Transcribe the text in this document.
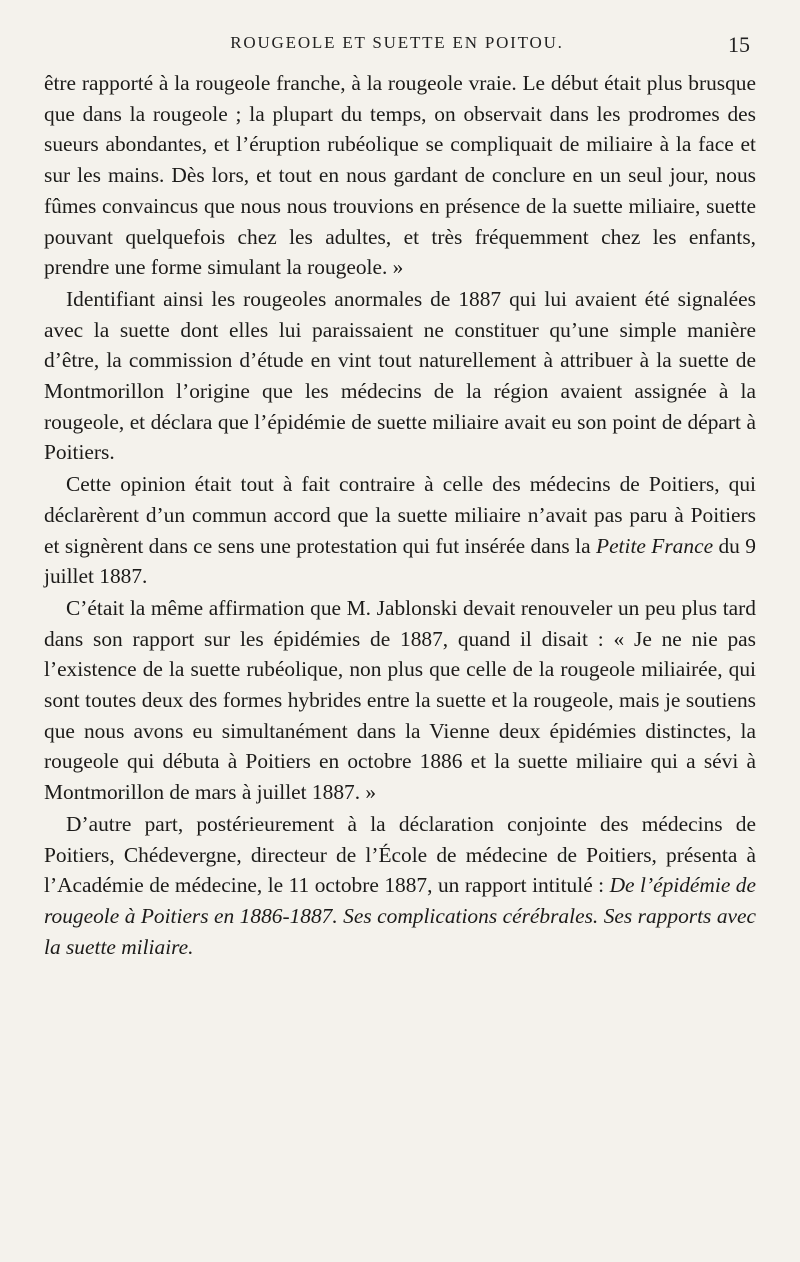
ROUGEOLE ET SUETTE EN POITOU.	15

être rapporté à la rougeole franche, à la rougeole vraie. Le début était plus brusque que dans la rougeole ; la plupart du temps, on observait dans les prodromes des sueurs abondantes, et l’éruption rubéolique se compliquait de miliaire à la face et sur les mains. Dès lors, et tout en nous gardant de conclure en un seul jour, nous fûmes convaincus que nous nous trouvions en présence de la suette miliaire, suette pouvant quelquefois chez les adultes, et très fréquemment chez les enfants, prendre une forme simulant la rougeole. »

Identifiant ainsi les rougeoles anormales de 1887 qui lui avaient été signalées avec la suette dont elles lui paraissaient ne constituer qu’une simple manière d’être, la commission d’étude en vint tout naturellement à attribuer à la suette de Montmorillon l’origine que les médecins de la région avaient assignée à la rougeole, et déclara que l’épidémie de suette miliaire avait eu son point de départ à Poitiers.

Cette opinion était tout à fait contraire à celle des médecins de Poitiers, qui déclarèrent d’un commun accord que la suette miliaire n’avait pas paru à Poitiers et signèrent dans ce sens une protestation qui fut insérée dans la Petite France du 9 juillet 1887.

C’était la même affirmation que M. Jablonski devait renouveler un peu plus tard dans son rapport sur les épidémies de 1887, quand il disait : « Je ne nie pas l’existence de la suette rubéolique, non plus que celle de la rougeole miliairée, qui sont toutes deux des formes hybrides entre la suette et la rougeole, mais je soutiens que nous avons eu simultanément dans la Vienne deux épidémies distinctes, la rougeole qui débuta à Poitiers en octobre 1886 et la suette miliaire qui a sévi à Montmorillon de mars à juillet 1887. »

D’autre part, postérieurement à la déclaration conjointe des médecins de Poitiers, Chédevergne, directeur de l’École de médecine de Poitiers, présenta à l’Académie de médecine, le 11 octobre 1887, un rapport intitulé : De l’épidémie de rougeole à Poitiers en 1886-1887. Ses complications cérébrales. Ses rapports avec la suette miliaire.
